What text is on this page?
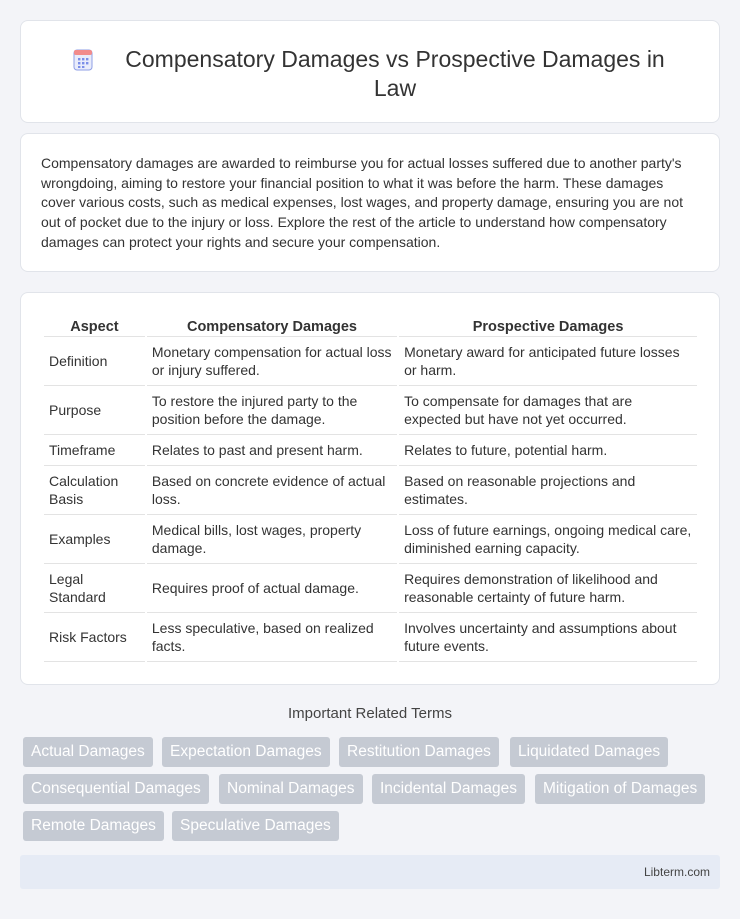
Compensatory Damages vs Prospective Damages in Law

Compensatory damages are awarded to reimburse you for actual losses suffered due to another party's wrongdoing, aiming to restore your financial position to what it was before the harm. These damages cover various costs, such as medical expenses, lost wages, and property damage, ensuring you are not out of pocket due to the injury or loss. Explore the rest of the article to understand how compensatory damages can protect your rights and secure your compensation.

Aspect	Compensatory Damages	Prospective Damages
Definition	Monetary compensation for actual loss or injury suffered.	Monetary award for anticipated future losses or harm.
Purpose	To restore the injured party to the position before the damage.	To compensate for damages that are expected but have not yet occurred.
Timeframe	Relates to past and present harm.	Relates to future, potential harm.
Calculation Basis	Based on concrete evidence of actual loss.	Based on reasonable projections and estimates.
Examples	Medical bills, lost wages, property damage.	Loss of future earnings, ongoing medical care, diminished earning capacity.
Legal Standard	Requires proof of actual damage.	Requires demonstration of likelihood and reasonable certainty of future harm.
Risk Factors	Less speculative, based on realized facts.	Involves uncertainty and assumptions about future events.
Important Related Terms
Actual Damages	Expectation Damages	Restitution Damages	Liquidated Damages
Consequential Damages	Nominal Damages	Incidental Damages	Mitigation of Damages
Remote Damages	Speculative Damages
Libterm.com
